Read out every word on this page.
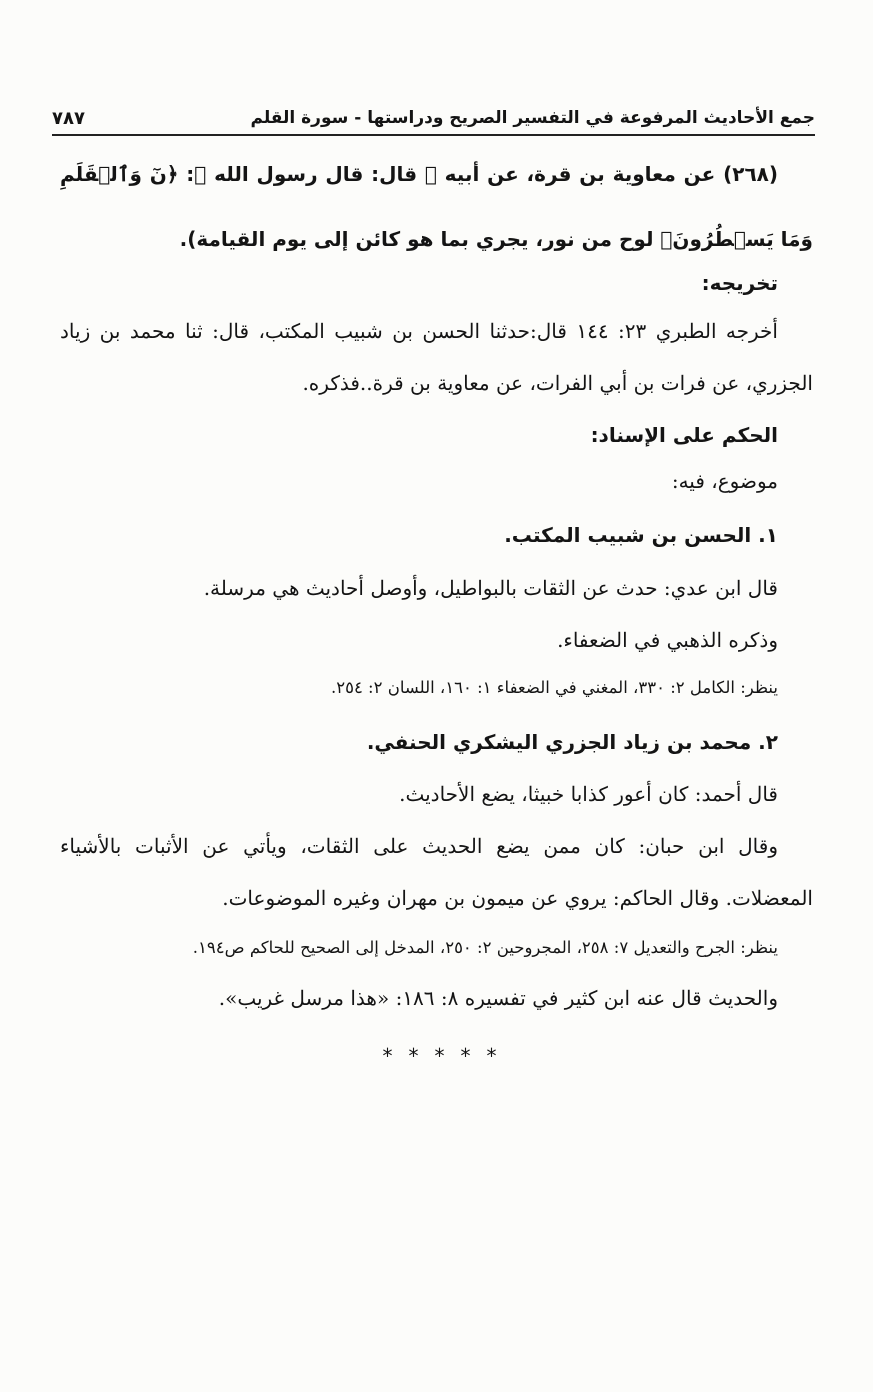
جمع الأحاديث المرفوعة في التفسير الصريح ودراستها - سورة القلم
٧٨٧
(٢٦٨) عن معاوية بن قرة، عن أبيه ﷺ قال: قال رسول الله ﷺ: ﴿نٓ وَٱلۡقَلَمِ
وَمَا يَسۡطُرُونَ﴾ لوح من نور، يجري بما هو كائن إلى يوم القيامة).
تخريجه:
أخرجه الطبري ٢٣: ١٤٤ قال:حدثنا الحسن بن شبيب المكتب، قال: ثنا محمد بن زياد
الجزري، عن فرات بن أبي الفرات، عن معاوية بن قرة..فذكره.
الحكم على الإسناد:
موضوع، فيه:
١. الحسن بن شبيب المكتب.
قال ابن عدي: حدث عن الثقات بالبواطيل، وأوصل أحاديث هي مرسلة.
وذكره الذهبي في الضعفاء.
ينظر: الكامل ٢: ٣٣٠، المغني في الضعفاء ١: ١٦٠، اللسان ٢: ٢٥٤.
٢. محمد بن زياد الجزري اليشكري الحنفي.
قال أحمد: كان أعور كذابا خبيثا، يضع الأحاديث.
وقال ابن حبان: كان ممن يضع الحديث على الثقات، ويأتي عن الأثبات بالأشياء
المعضلات. وقال الحاكم: يروي عن ميمون بن مهران وغيره الموضوعات.
ينظر: الجرح والتعديل ٧: ٢٥٨، المجروحين ٢: ٢٥٠، المدخل إلى الصحيح للحاكم ص١٩٤.
والحديث قال عنه ابن كثير في تفسيره ٨: ١٨٦: «هذا مرسل غريب».
*****
